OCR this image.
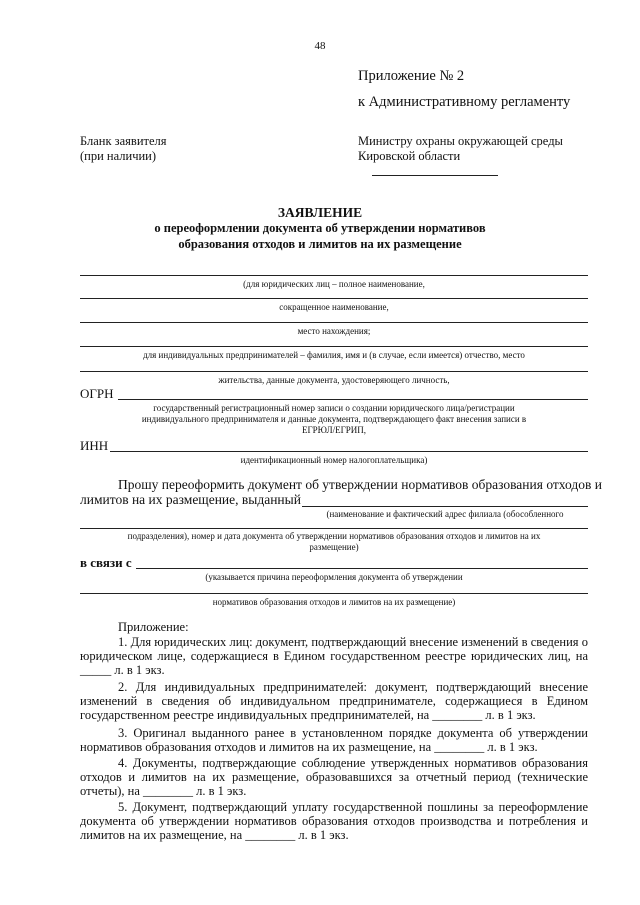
48
Приложение № 2
к Административному регламенту
Бланк заявителя
(при наличии)
Министру охраны окружающей среды
Кировской области
ЗАЯВЛЕНИЕ
о переоформлении документа об утверждении нормативов
образования отходов и лимитов на их размещение
(для юридических лиц – полное наименование,
сокращенное наименование,
место нахождения;
для индивидуальных предпринимателей – фамилия, имя и (в случае, если имеется) отчество, место
жительства, данные документа, удостоверяющего личность,
ОГРН
государственный регистрационный номер записи о создании юридического лица/регистрации
индивидуального предпринимателя и данные документа, подтверждающего факт внесения записи в
ЕГРЮЛ/ЕГРИП,
ИНН
идентификационный номер налогоплательщика)
Прошу переоформить документ об утверждении нормативов образования отходов и
лимитов на их размещение, выданный
(наименование и фактический адрес филиала (обособленного
подразделения), номер и дата документа об утверждении нормативов образования отходов и лимитов на их
размещение)
в связи с
(указывается причина переоформления документа об утверждении
нормативов образования отходов и лимитов на их размещение)
Приложение:
1. Для юридических лиц: документ, подтверждающий внесение изменений в сведения о юридическом лице, содержащиеся в Едином государственном реестре юридических лиц, на _____ л. в 1 экз.
2. Для индивидуальных предпринимателей: документ, подтверждающий внесение изменений в сведения об индивидуальном предпринимателе, содержащиеся в Едином государственном реестре индивидуальных предпринимателей, на ________ л. в 1 экз.
3. Оригинал выданного ранее в установленном порядке документа об утверждении нормативов образования отходов и лимитов на их размещение, на ________ л. в 1 экз.
4. Документы, подтверждающие соблюдение утвержденных нормативов образования отходов и лимитов на их размещение, образовавшихся за отчетный период (технические отчеты), на ________ л. в 1 экз.
5. Документ, подтверждающий уплату государственной пошлины за переоформление документа об утверждении нормативов образования отходов производства и потребления и лимитов на их размещение, на ________ л. в 1 экз.
